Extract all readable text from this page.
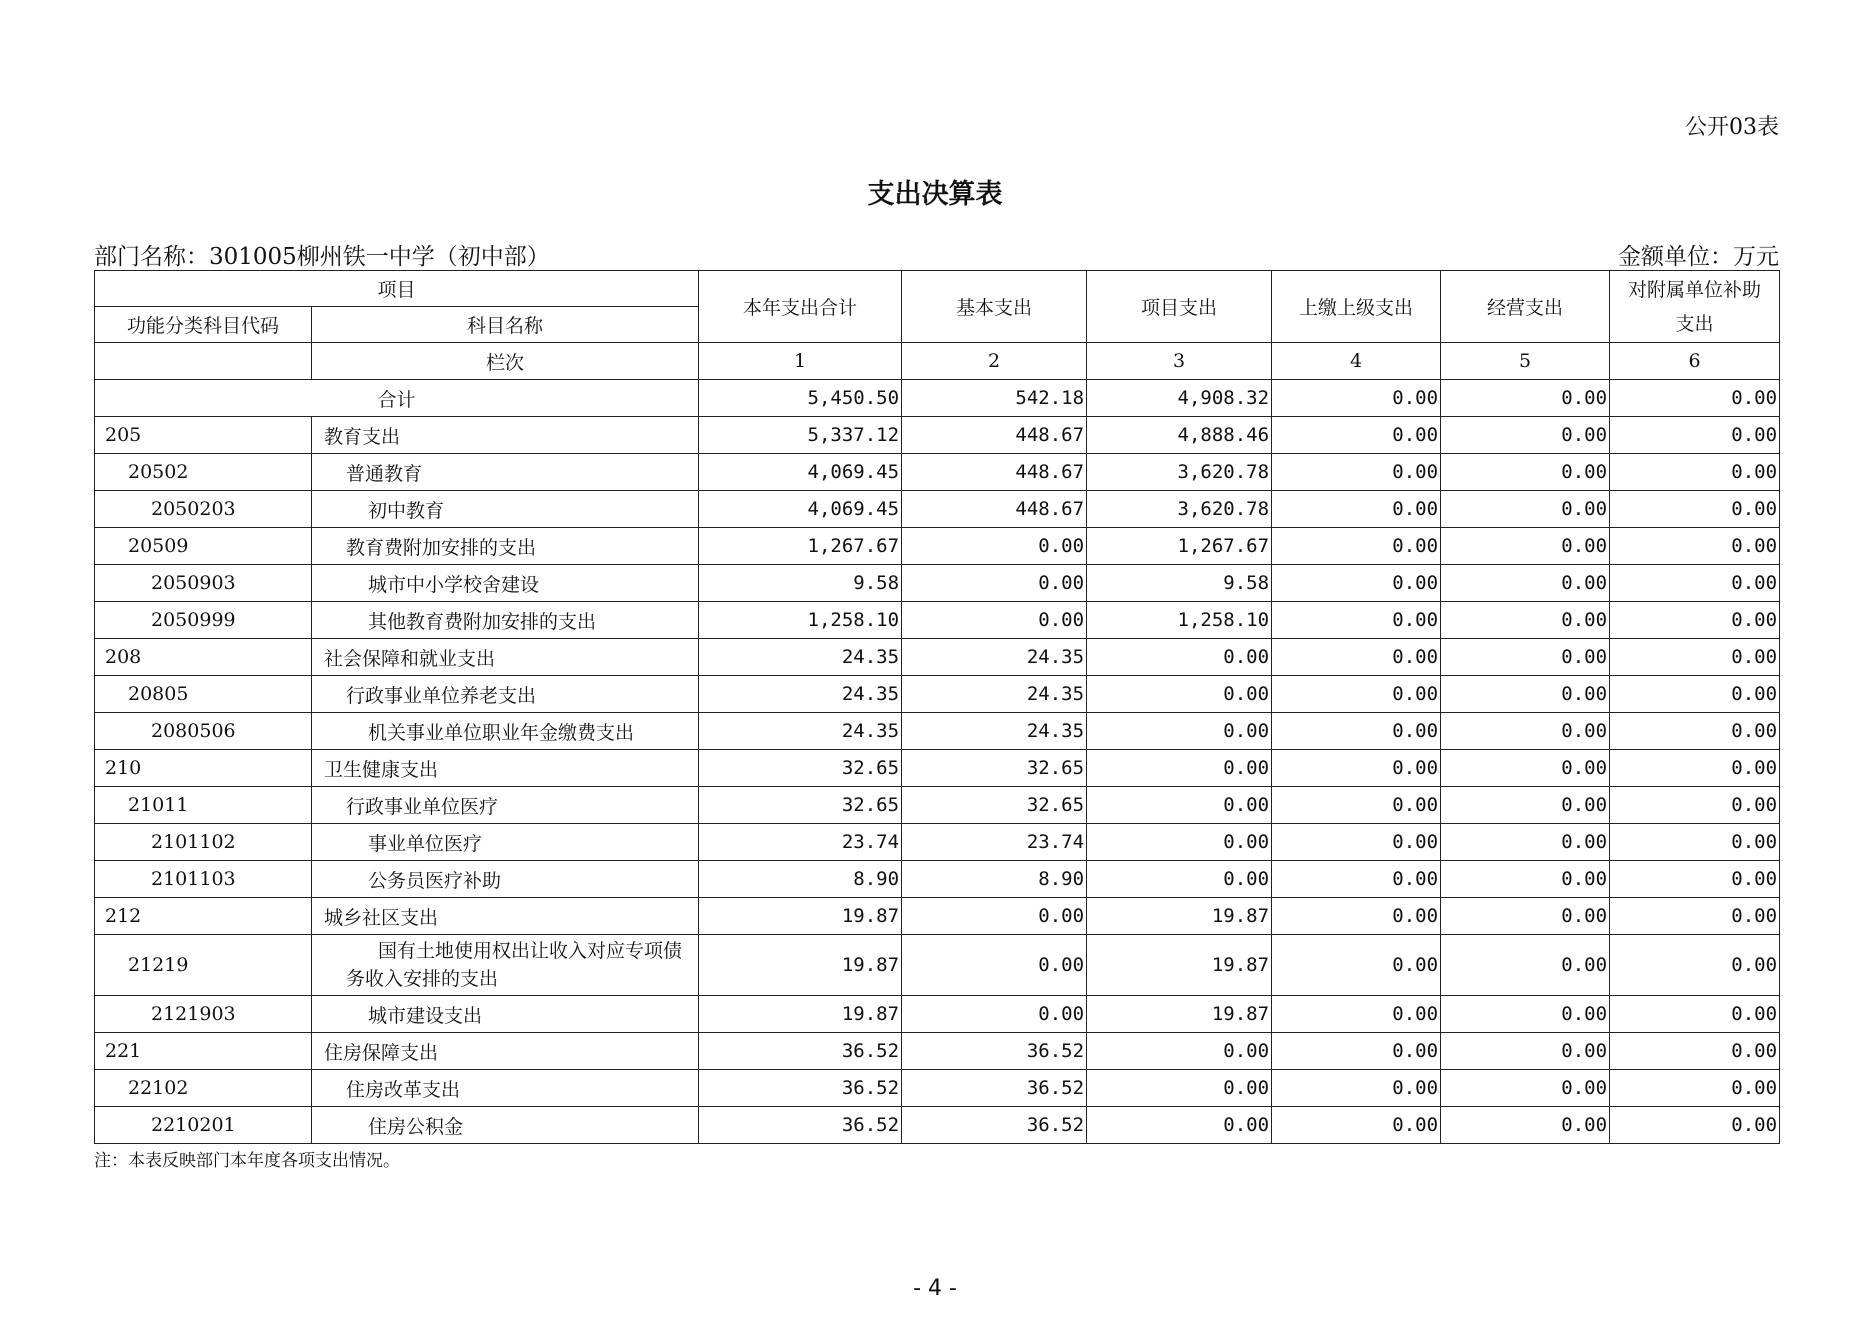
公开03表
支出决算表
部门名称：301005柳州铁一中学（初中部）	金额单位：万元
项目		本年支出合计	基本支出	项目支出	上缴上级支出	经营支出	对附属单位补助
支出
功能分类科目代码	科目名称						
	栏次	1	2	3	4	5	6
合计		5,450.50	542.18	4,908.32	0.00	0.00	0.00
205	教育支出	5,337.12	448.67	4,888.46	0.00	0.00	0.00
20502	普通教育	4,069.45	448.67	3,620.78	0.00	0.00	0.00
2050203	初中教育	4,069.45	448.67	3,620.78	0.00	0.00	0.00
20509	教育费附加安排的支出	1,267.67	0.00	1,267.67	0.00	0.00	0.00
2050903	城市中小学校舍建设	9.58	0.00	9.58	0.00	0.00	0.00
2050999	其他教育费附加安排的支出	1,258.10	0.00	1,258.10	0.00	0.00	0.00
208	社会保障和就业支出	24.35	24.35	0.00	0.00	0.00	0.00
20805	行政事业单位养老支出	24.35	24.35	0.00	0.00	0.00	0.00
2080506	机关事业单位职业年金缴费支出	24.35	24.35	0.00	0.00	0.00	0.00
210	卫生健康支出	32.65	32.65	0.00	0.00	0.00	0.00
21011	行政事业单位医疗	32.65	32.65	0.00	0.00	0.00	0.00
2101102	事业单位医疗	23.74	23.74	0.00	0.00	0.00	0.00
2101103	公务员医疗补助	8.90	8.90	0.00	0.00	0.00	0.00
212	城乡社区支出	19.87	0.00	19.87	0.00	0.00	0.00
21219	国有土地使用权出让收入对应专项债务收入安排的支出	19.87	0.00	19.87	0.00	0.00	0.00
2121903	城市建设支出	19.87	0.00	19.87	0.00	0.00	0.00
221	住房保障支出	36.52	36.52	0.00	0.00	0.00	0.00
22102	住房改革支出	36.52	36.52	0.00	0.00	0.00	0.00
2210201	住房公积金	36.52	36.52	0.00	0.00	0.00	0.00
注：本表反映部门本年度各项支出情况。
- 4 -
